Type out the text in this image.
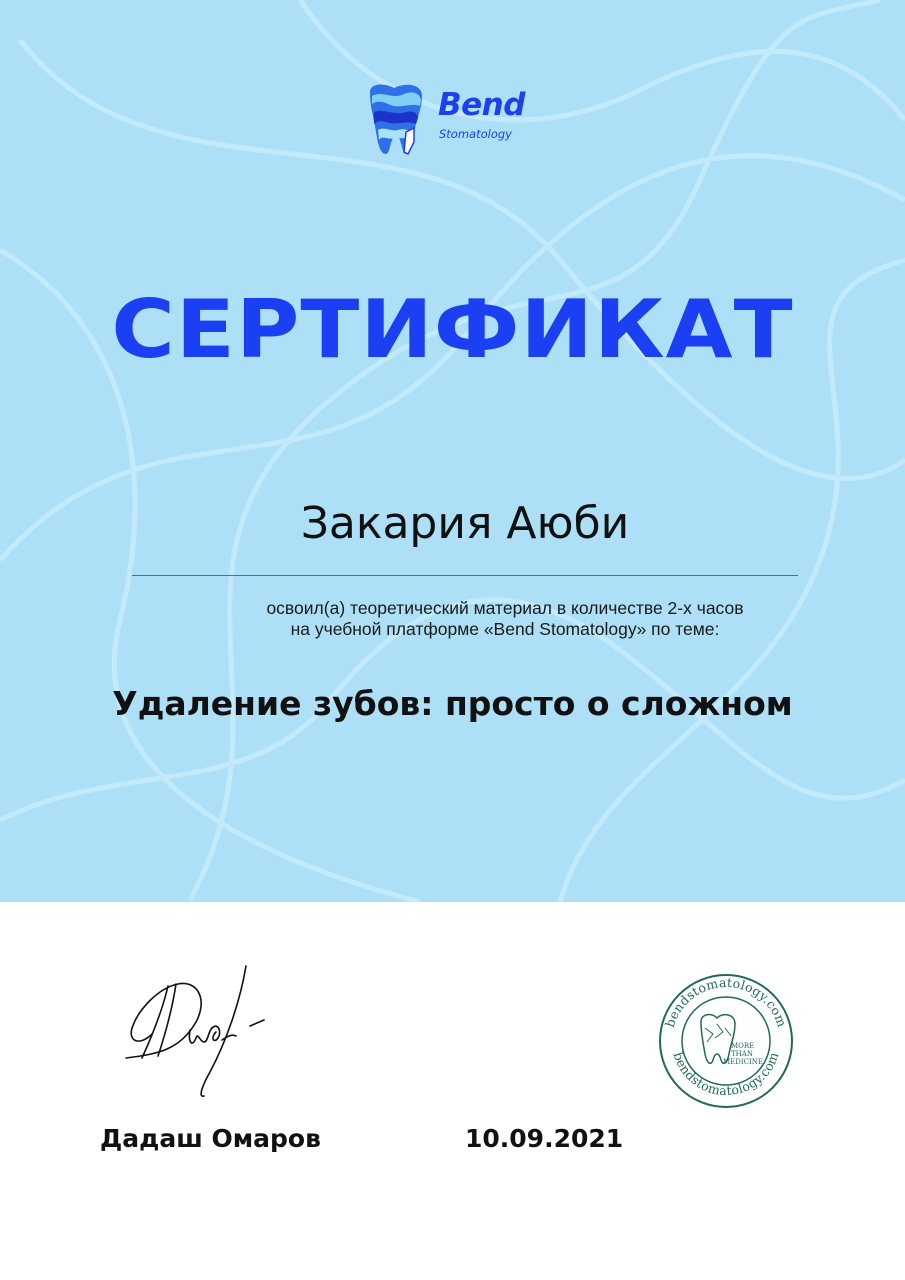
Bend
Stomatology
СЕРТИФИКАТ
Закария Аюби
освоил(а) теоретический материал в количестве 2-х часов
на учебной платформе «Bend Stomatology» по теме:
Удаление зубов: просто о сложном
Дадаш Омаров	10.09.2021
bendstomatology.com
bendstomatology.com
MORE
THAN
MEDICINE
